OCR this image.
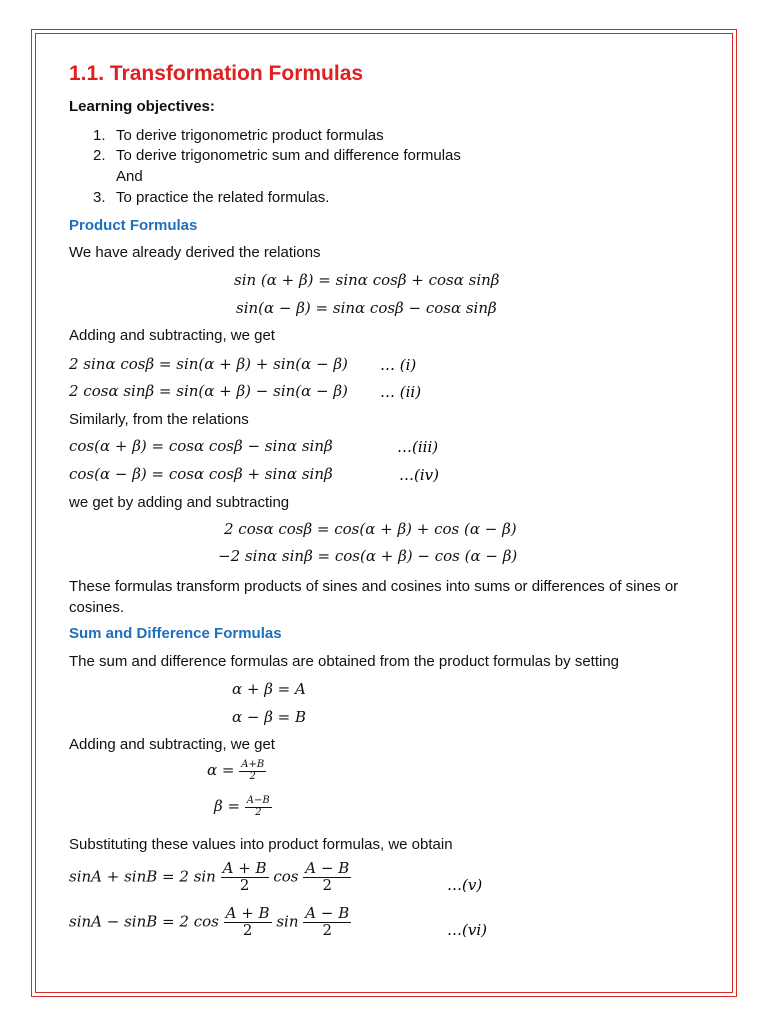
1.1. Transformation Formulas
Learning objectives:
1. To derive trigonometric product formulas
2. To derive trigonometric sum and difference formulas
And
3. To practice the related formulas.
Product Formulas
We have already derived the relations
sin (α + β) = sinα cosβ + cosα sinβ
sin(α − β) = sinα cosβ − cosα sinβ
Adding and subtracting, we get
2 sinα cosβ = sin(α + β) + sin(α − β) … (i)
2 cosα sinβ = sin(α + β) − sin(α − β) … (ii)
Similarly, from the relations
cos(α + β) = cosα cosβ − sinα sinβ	…(iii)
cos(α − β) = cosα cosβ + sinα sinβ	…(iv)
we get by adding and subtracting
2 cosα cosβ = cos(α + β) + cos (α − β)
−2 sinα sinβ = cos(α + β) − cos (α − β)
These formulas transform products of sines and cosines into sums or differences of sines or cosines.
Sum and Difference Formulas
The sum and difference formulas are obtained from the product formulas by setting
α + β = A
α − β = B
Adding and subtracting, we get
$\alpha = \frac{A+B}{2}$
$\beta = \frac{A-B}{2}$
Substituting these values into product formulas, we obtain
sinA + sinB = 2 $\sin \frac{A + B}{2}$ $\cos \frac{A - B}{2}$	…(v)
sinA − sinB = 2 $\cos \frac{A + B}{2}$ $\sin \frac{A - B}{2}$	…(vi)
